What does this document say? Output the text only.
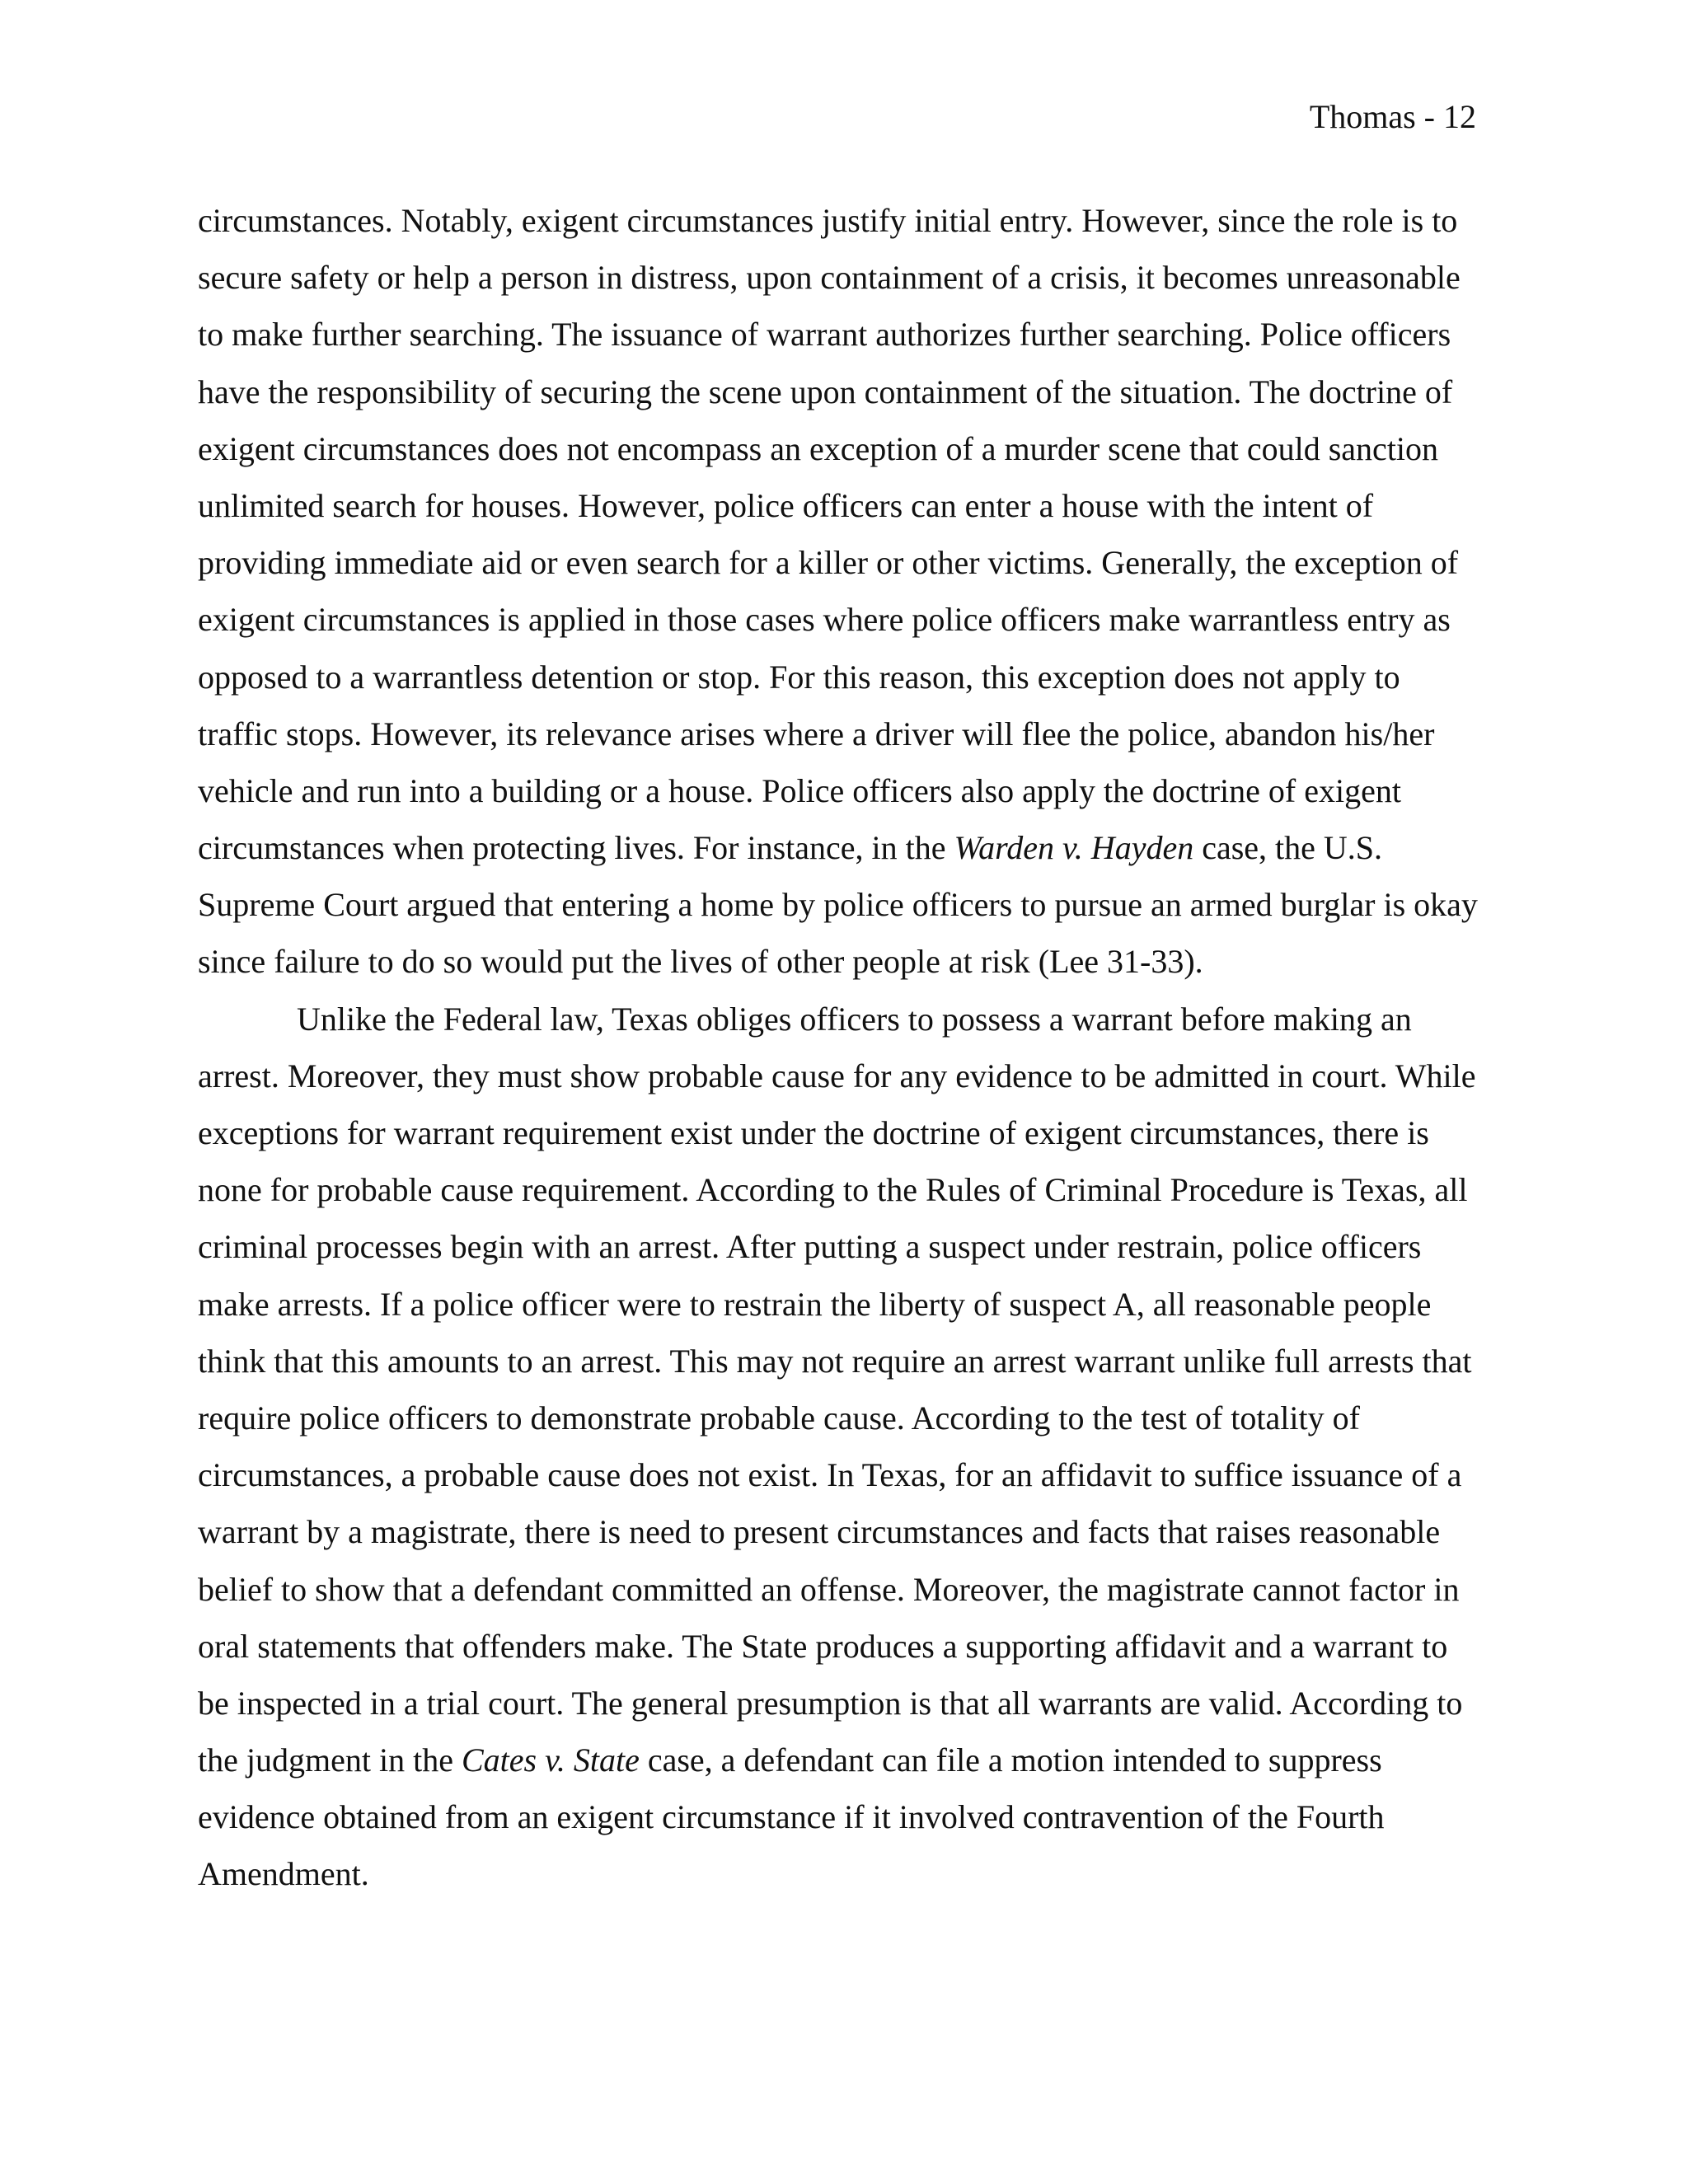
Thomas - 12
circumstances. Notably, exigent circumstances justify initial entry. However, since the role is to
secure safety or help a person in distress, upon containment of a crisis, it becomes unreasonable
to make further searching. The issuance of warrant authorizes further searching. Police officers
have the responsibility of securing the scene upon containment of the situation. The doctrine of
exigent circumstances does not encompass an exception of a murder scene that could sanction
unlimited search for houses. However, police officers can enter a house with the intent of
providing immediate aid or even search for a killer or other victims. Generally, the exception of
exigent circumstances is applied in those cases where police officers make warrantless entry as
opposed to a warrantless detention or stop. For this reason, this exception does not apply to
traffic stops. However, its relevance arises where a driver will flee the police, abandon his/her
vehicle and run into a building or a house. Police officers also apply the doctrine of exigent
circumstances when protecting lives. For instance, in the Warden v. Hayden case, the U.S.
Supreme Court argued that entering a home by police officers to pursue an armed burglar is okay
since failure to do so would put the lives of other people at risk (Lee 31-33).
Unlike the Federal law, Texas obliges officers to possess a warrant before making an
arrest. Moreover, they must show probable cause for any evidence to be admitted in court. While
exceptions for warrant requirement exist under the doctrine of exigent circumstances, there is
none for probable cause requirement. According to the Rules of Criminal Procedure is Texas, all
criminal processes begin with an arrest. After putting a suspect under restrain, police officers
make arrests. If a police officer were to restrain the liberty of suspect A, all reasonable people
think that this amounts to an arrest. This may not require an arrest warrant unlike full arrests that
require police officers to demonstrate probable cause. According to the test of totality of
circumstances, a probable cause does not exist. In Texas, for an affidavit to suffice issuance of a
warrant by a magistrate, there is need to present circumstances and facts that raises reasonable
belief to show that a defendant committed an offense. Moreover, the magistrate cannot factor in
oral statements that offenders make. The State produces a supporting affidavit and a warrant to
be inspected in a trial court. The general presumption is that all warrants are valid. According to
the judgment in the Cates v. State case, a defendant can file a motion intended to suppress
evidence obtained from an exigent circumstance if it involved contravention of the Fourth
Amendment.
